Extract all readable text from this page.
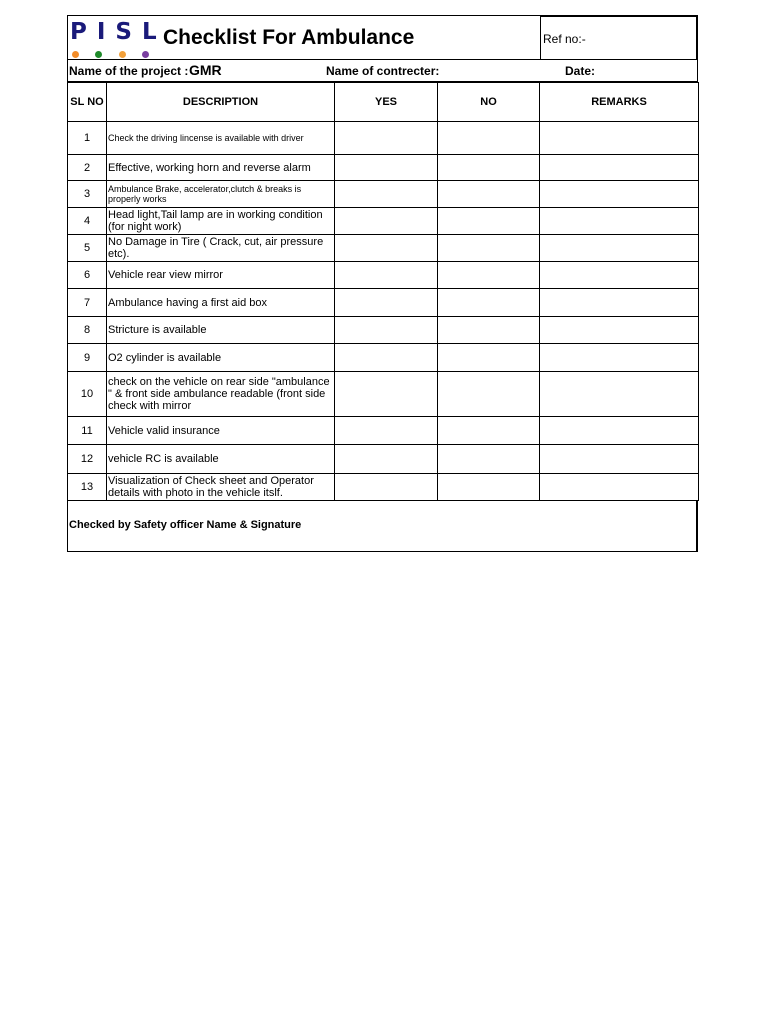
PISL
Checklist For Ambulance	Ref no:-
Name of the project : GMR	Name of contrecter:	Date:
SL NO	DESCRIPTION	YES	NO	REMARKS
1	Check the driving lincense is available with driver			
2	Effective, working horn and reverse alarm			
3	Ambulance Brake, accelerator,clutch & breaks is properly works			
4	Head light,Tail lamp are in working condition (for night work)			
5	No Damage in Tire ( Crack, cut, air pressure etc).			
6	Vehicle rear view mirror			
7	Ambulance having a first aid box			
8	Stricture is available			
9	O2 cylinder is available			
10	check on the vehicle on rear side "ambulance " & front side ambulance readable (front side check with mirror			
11	Vehicle valid insurance			
12	vehicle RC is available			
13	Visualization of Check sheet and Operator details with photo in the vehicle itslf.			
Checked by Safety officer Name & Signature
